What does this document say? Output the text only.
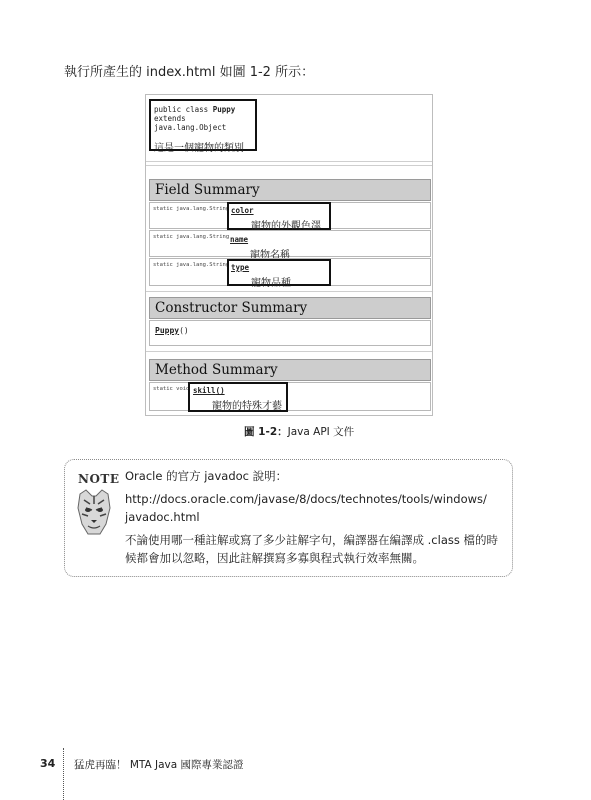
執行所產生的 index.html 如圖 1-2 所示：
public class Puppy
extends java.lang.Object
這是一個寵物的類別
Field Summary
static java.lang.String color
寵物的外觀色澤
static java.lang.String name
寵物名稱
static java.lang.String type
寵物品種
Constructor Summary
Puppy()
Method Summary
static void skill()
寵物的特殊才藝
圖 1-2：Java API 文件
NOTE Oracle 的官方 javadoc 說明：
http://docs.oracle.com/javase/8/docs/technotes/tools/windows/
javadoc.html
不論使用哪一種註解或寫了多少註解字句，編譯器在編譯成 .class 檔的時
候都會加以忽略，因此註解撰寫多寡與程式執行效率無關。
34 猛虎再臨！ MTA Java 國際專業認證
